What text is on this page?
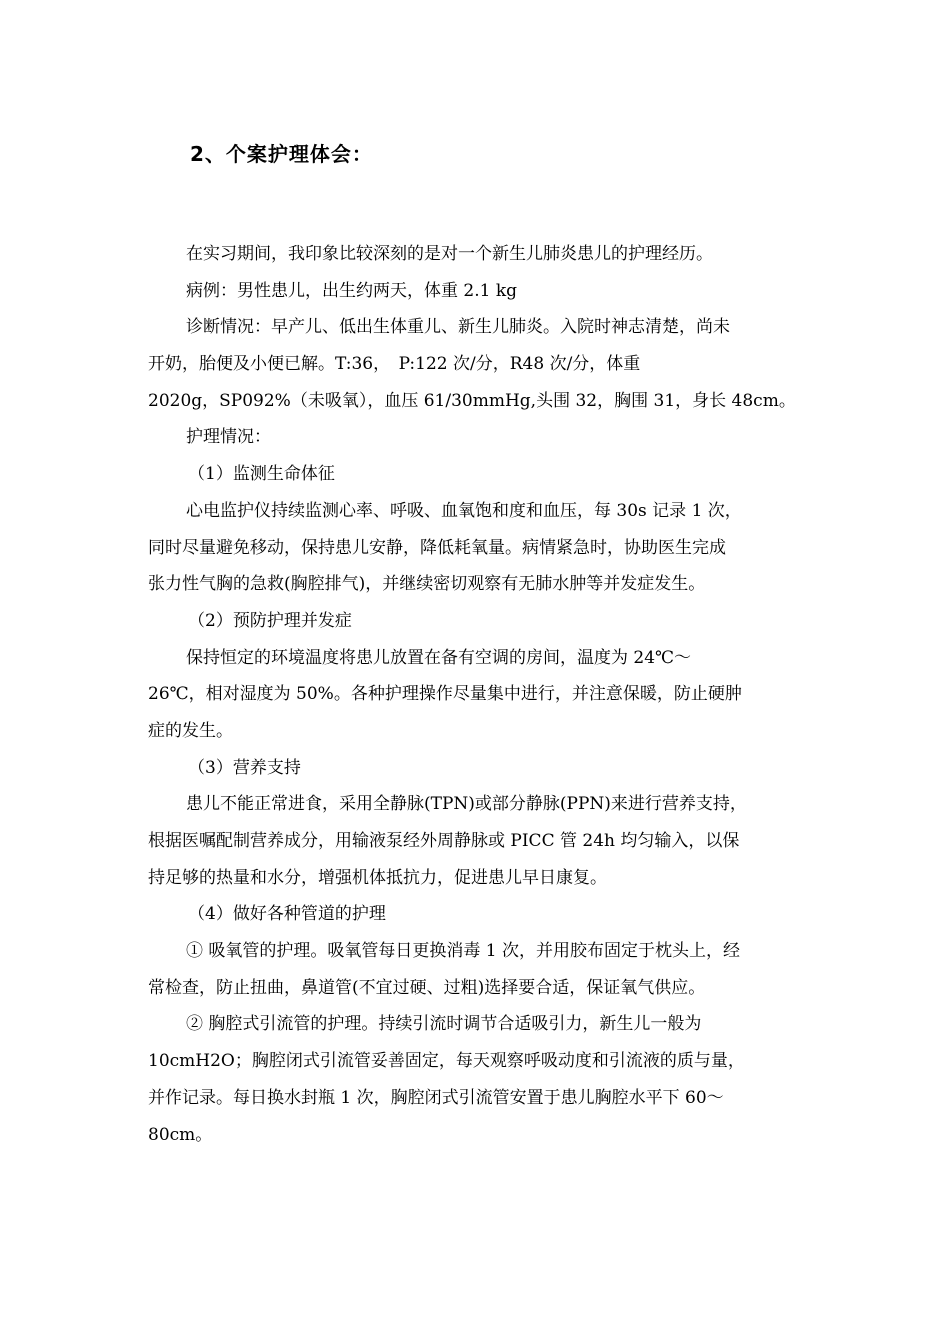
2、个案护理体会：
在实习期间，我印象比较深刻的是对一个新生儿肺炎患儿的护理经历。
病例：男性患儿，出生约两天，体重 2.1 kg
诊断情况：早产儿、低出生体重儿、新生儿肺炎。入院时神志清楚，尚未
开奶，胎便及小便已解。T:36，　P:122 次/分，R48 次/分，体重
2020g，SP092%（未吸氧），血压 61/30mmHg,头围 32，胸围 31，身长 48cm。
护理情况：
（1）监测生命体征
心电监护仪持续监测心率、呼吸、血氧饱和度和血压，每 30s 记录 1 次，
同时尽量避免移动，保持患儿安静，降低耗氧量。病情紧急时，协助医生完成
张力性气胸的急救(胸腔排气)，并继续密切观察有无肺水肿等并发症发生。
（2）预防护理并发症
保持恒定的环境温度将患儿放置在备有空调的房间，温度为 24℃～
26℃，相对湿度为 50%。各种护理操作尽量集中进行，并注意保暖，防止硬肿
症的发生。
（3）营养支持
患儿不能正常进食，采用全静脉(TPN)或部分静脉(PPN)来进行营养支持，
根据医嘱配制营养成分，用输液泵经外周静脉或 PICC 管 24h 均匀输入，以保
持足够的热量和水分，增强机体抵抗力，促进患儿早日康复。
（4）做好各种管道的护理
① 吸氧管的护理。吸氧管每日更换消毒 1 次，并用胶布固定于枕头上，经
常检查，防止扭曲，鼻道管(不宜过硬、过粗)选择要合适，保证氧气供应。
② 胸腔式引流管的护理。持续引流时调节合适吸引力，新生儿一般为
10cmH2O；胸腔闭式引流管妥善固定，每天观察呼吸动度和引流液的质与量，
并作记录。每日换水封瓶 1 次，胸腔闭式引流管安置于患儿胸腔水平下 60～
80cm。
